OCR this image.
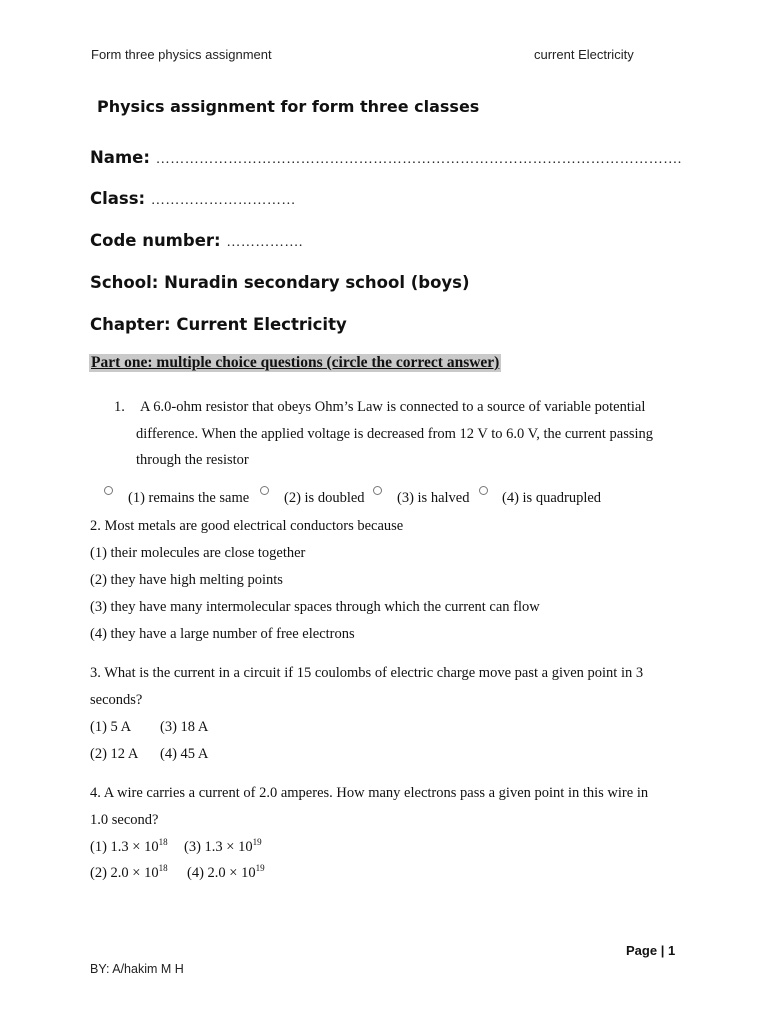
Form three physics assignment	current Electricity
Physics assignment for form three classes
Name: ……………………………………………………………………………………………….
Class: …………………………
Code number: …………….
School: Nuradin secondary school (boys)
Chapter: Current Electricity
Part one: multiple choice questions (circle the correct answer)
1. A 6.0-ohm resistor that obeys Ohm’s Law is connected to a source of variable potential
difference. When the applied voltage is decreased from 12 V to 6.0 V, the current passing
through the resistor
(1) remains the same (2) is doubled (3) is halved (4) is quadrupled
2. Most metals are good electrical conductors because
(1) their molecules are close together
(2) they have high melting points
(3) they have many intermolecular spaces through which the current can flow
(4) they have a large number of free electrons
3. What is the current in a circuit if 15 coulombs of electric charge move past a given point in 3
seconds?
(1) 5 A (3) 18 A
(2) 12 A (4) 45 A
4. A wire carries a current of 2.0 amperes. How many electrons pass a given point in this wire in
1.0 second?
(1) $1.3 \times 10^{18}$ (3) $1.3 \times 10^{19}$
(2) $2.0 \times 10^{18}$ (4) $2.0 \times 10^{19}$
Page | 1
BY: A/hakim M H
